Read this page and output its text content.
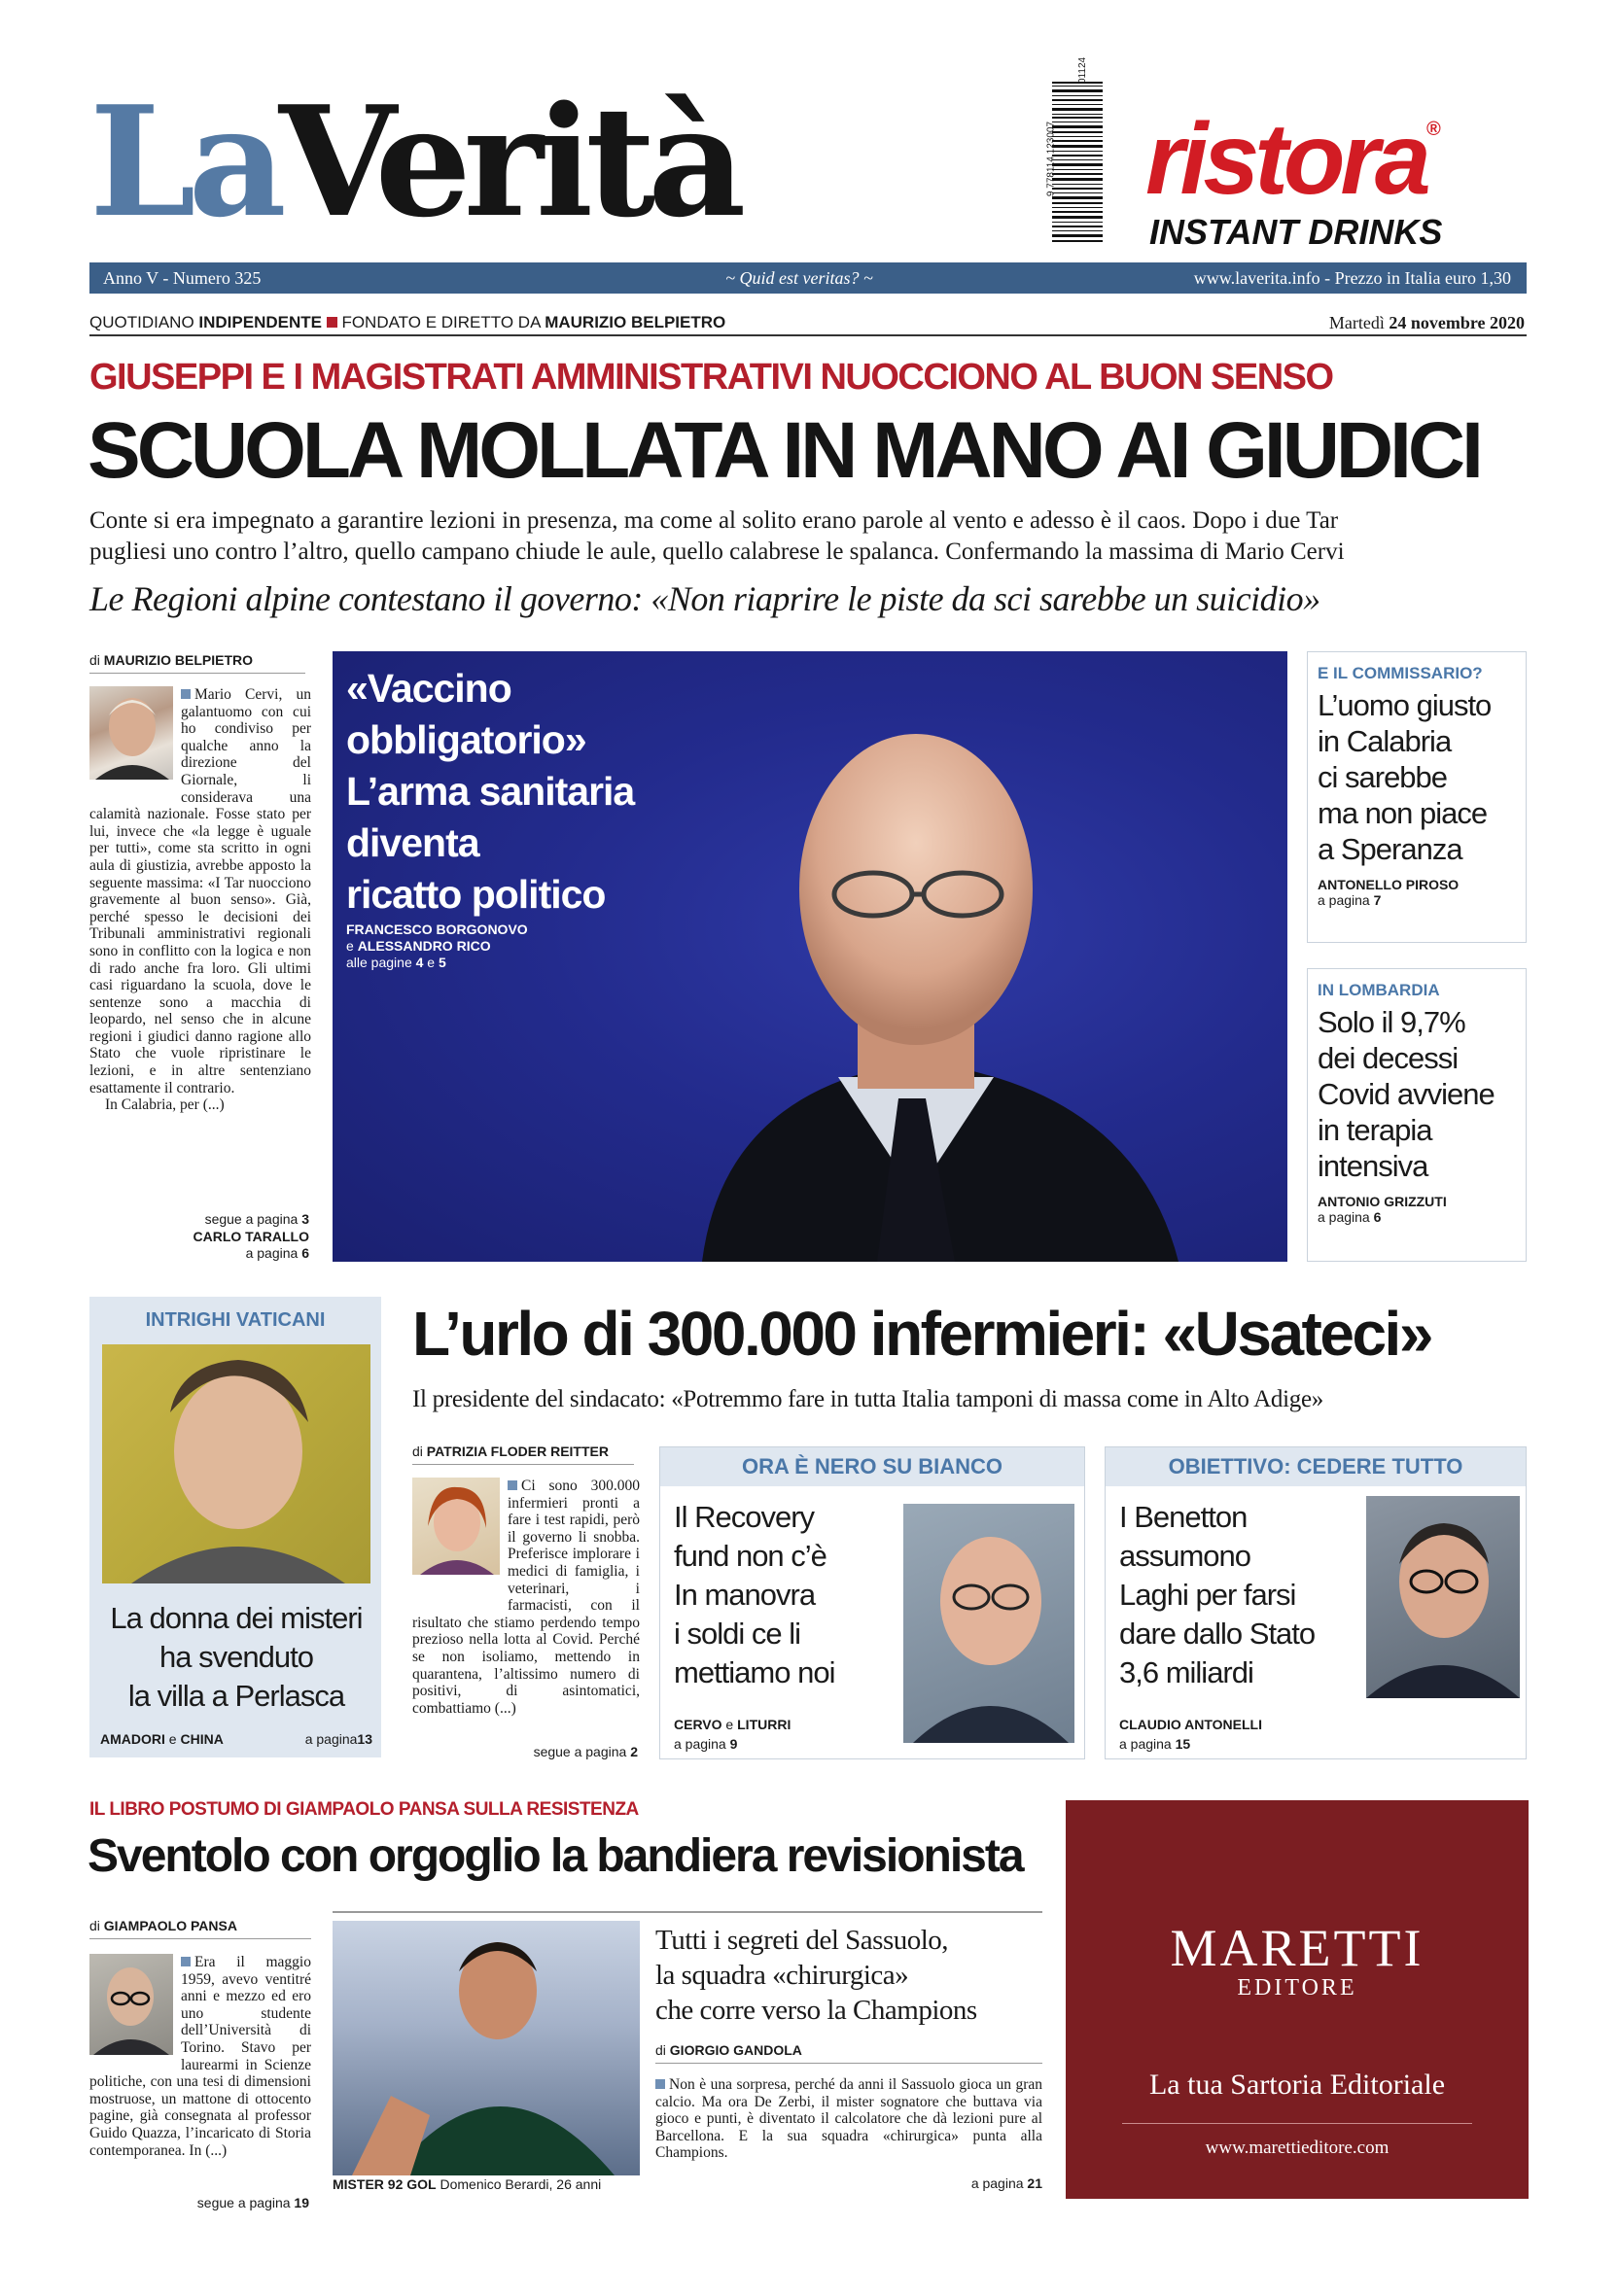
LaVerità	9 778114 123007
01124
ristora®
INSTANT DRINKS
Anno V - Numero 325	~ Quid est veritas? ~	www.laverita.info - Prezzo in Italia euro 1,30
QUOTIDIANO INDIPENDENTE  FONDATO E DIRETTO DA MAURIZIO BELPIETRO	Martedì 24 novembre 2020
GIUSEPPI E I MAGISTRATI AMMINISTRATIVI NUOCCIONO AL BUON SENSO
SCUOLA MOLLATA IN MANO AI GIUDICI
Conte si era impegnato a garantire lezioni in presenza, ma come al solito erano parole al vento e adesso è il caos. Dopo i due Tar
pugliesi uno contro l’altro, quello campano chiude le aule, quello calabrese le spalanca. Confermando la massima di Mario Cervi
Le Regioni alpine contestano il governo: «Non riaprire le piste da sci sarebbe un suicidio»
di MAURIZIO BELPIETRO
Mario Cervi, un galantuomo con cui ho condiviso per qualche anno la direzione del Giornale, li considerava una calamità nazionale. Fosse stato per lui, invece che «la legge è uguale per tutti», come sta scritto in ogni aula di giustizia, avrebbe apposto la seguente massima: «I Tar nuocciono gravemente al buon senso». Già, perché spesso le decisioni dei Tribunali amministrativi regionali sono in conflitto con la logica e non di rado anche fra loro. Gli ultimi casi riguardano la scuola, dove le sentenze sono a macchia di leopardo, nel senso che in alcune regioni i giudici danno ragione allo Stato che vuole ripristinare le lezioni, e in altre sentenziano esattamente il contrario.
In Calabria, per (...)
segue a pagina 3
CARLO TARALLO
a pagina 6
«Vaccino
obbligatorio»
L’arma sanitaria
diventa
ricatto politico
FRANCESCO BORGONOVO
e ALESSANDRO RICO
alle pagine 4 e 5
E IL COMMISSARIO?
L’uomo giusto
in Calabria
ci sarebbe
ma non piace
a Speranza
ANTONELLO PIROSO
a pagina 7
IN LOMBARDIA
Solo il 9,7%
dei decessi
Covid avviene
in terapia
intensiva
ANTONIO GRIZZUTI
a pagina 6
INTRIGHI VATICANI
La donna dei misteri
ha svenduto
la villa a Perlasca
AMADORI e CHINA	a pagina13
L’urlo di 300.000 infermieri: «Usateci»
Il presidente del sindacato: «Potremmo fare in tutta Italia tamponi di massa come in Alto Adige»
di PATRIZIA FLODER REITTER
Ci sono 300.000 infermieri pronti a fare i test rapidi, però il governo li snobba. Preferisce implorare i medici di famiglia, i veterinari, i farmacisti, con il risultato che stiamo perdendo tempo prezioso nella lotta al Covid. Perché se non isoliamo, mettendo in quarantena, l’altissimo numero di positivi, di asintomatici, combattiamo (...)
segue a pagina 2
ORA È NERO SU BIANCO
Il Recovery
fund non c’è
In manovra
i soldi ce li
mettiamo noi
CERVO e LITURRI
a pagina 9
OBIETTIVO: CEDERE TUTTO
I Benetton
assumono
Laghi per farsi
dare dallo Stato
3,6 miliardi
CLAUDIO ANTONELLI
a pagina 15
IL LIBRO POSTUMO DI GIAMPAOLO PANSA SULLA RESISTENZA
Sventolo con orgoglio la bandiera revisionista
di GIAMPAOLO PANSA
Era il maggio 1959, avevo ventitré anni e mezzo ed ero uno studente dell’Università di Torino. Stavo per laurearmi in Scienze politiche, con una tesi di dimensioni mostruose, un mattone di ottocento pagine, già consegnata al professor Guido Quazza, l’incaricato di Storia contemporanea. In (...)
segue a pagina 19
MISTER 92 GOL Domenico Berardi, 26 anni
Tutti i segreti del Sassuolo,
la squadra «chirurgica»
che corre verso la Champions
di GIORGIO GANDOLA
Non è una sorpresa, perché da anni il Sassuolo gioca un gran calcio. Ma ora De Zerbi, il mister sognatore che buttava via gioco e punti, è diventato il calcolatore che dà lezioni pure al Barcellona. E la sua squadra «chirurgica» punta alla Champions.
a pagina 21
MARETTI
EDITORE
La tua Sartoria Editoriale
www.marettieditore.com
